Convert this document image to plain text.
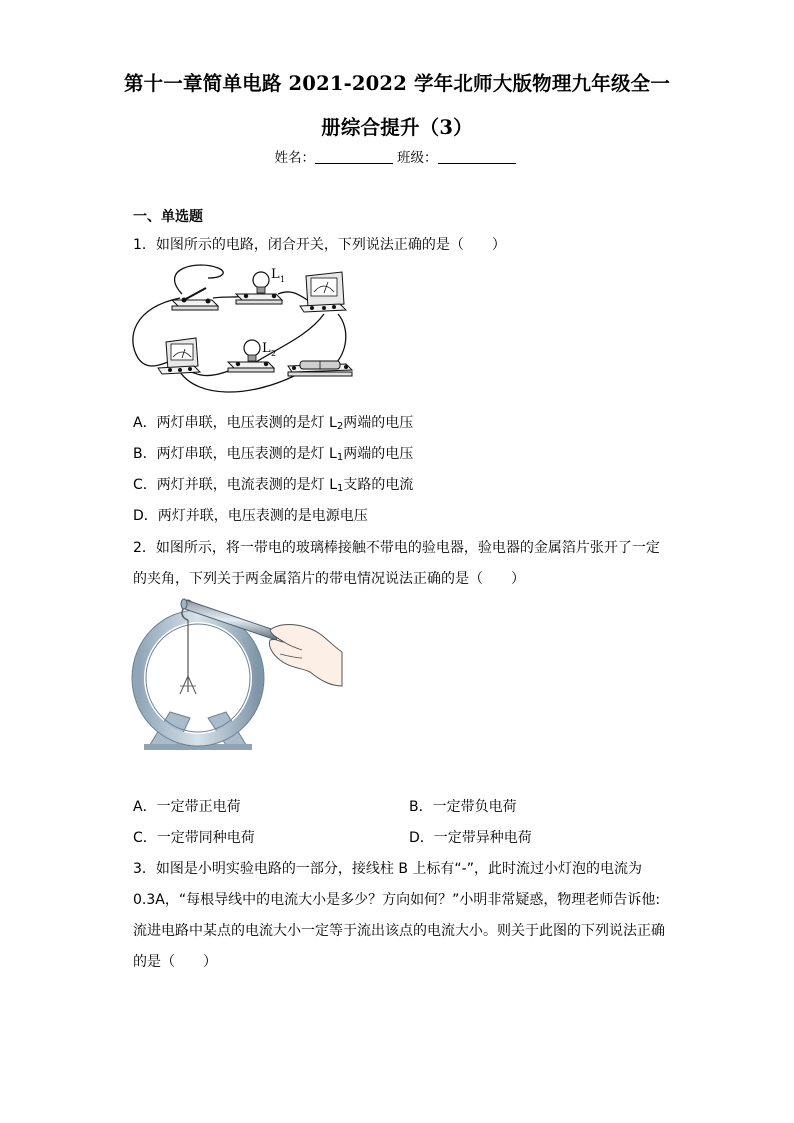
第十一章简单电路 2021-2022 学年北师大版物理九年级全一
册综合提升（3）
姓名：	班级：
一、单选题
1．如图所示的电路，闭合开关，下列说法正确的是（　　）
L 1
L 2
A．两灯串联，电压表测的是灯 $L_2$两端的电压
B．两灯串联，电压表测的是灯 $L_1$两端的电压
C．两灯并联，电流表测的是灯 $L_1$支路的电流
D．两灯并联，电压表测的是电源电压
2．如图所示，将一带电的玻璃棒接触不带电的验电器，验电器的金属箔片张开了一定
的夹角，下列关于两金属箔片的带电情况说法正确的是（　　）
A．一定带正电荷	B．一定带负电荷
C．一定带同种电荷	D．一定带异种电荷
3．如图是小明实验电路的一部分，接线柱 B 上标有“-”，此时流过小灯泡的电流为
0.3A，“每根导线中的电流大小是多少？方向如何？”小明非常疑惑，物理老师告诉他:
流进电路中某点的电流大小一定等于流出该点的电流大小。则关于此图的下列说法正确
的是（　　）
